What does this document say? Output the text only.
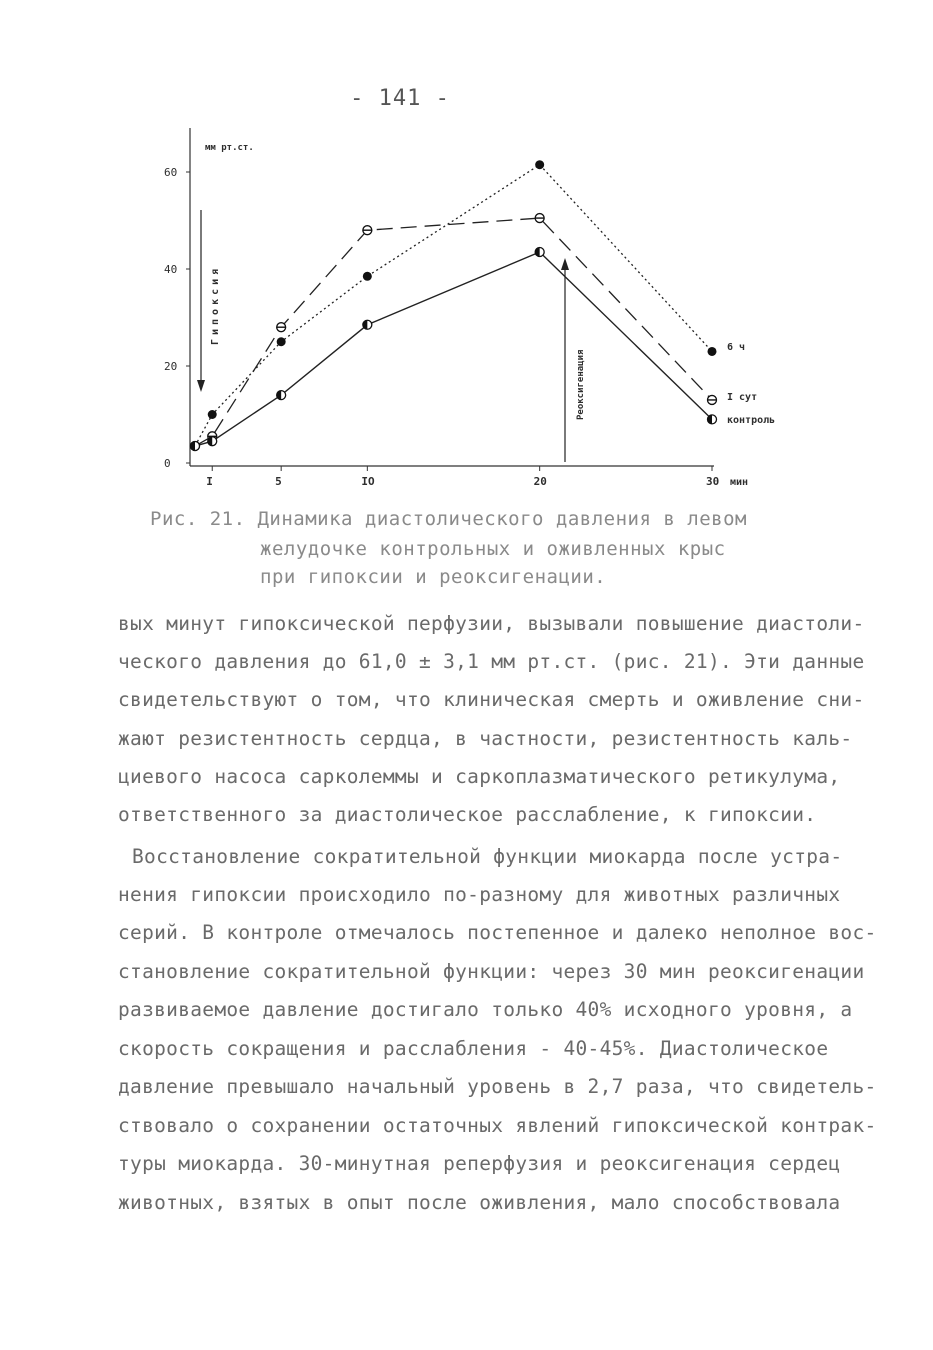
- 141 -
0
20
40
60
I	5	IO	20	30 мин
мм рт.ст.
Гипоксия
Реоксигенация
6 ч
I сут
контроль
Рис. 21. Динамика диастолического давления в левом
желудочке контрольных и оживленных крыс
при гипоксии и реоксигенации.
вых минут гипоксической перфузии, вызывали повышение диастоли-
ческого давления до 61,0 ± 3,1 мм рт.ст. (рис. 21). Эти данные
свидетельствуют о том, что клиническая смерть и оживление сни-
жают резистентность сердца, в частности, резистентность каль-
циевого насоса сарколеммы и саркоплазматического ретикулума,
ответственного за диастолическое расслабление, к гипоксии.
Восстановление сократительной функции миокарда после устра-
нения гипоксии происходило по-разному для животных различных
серий. В контроле отмечалось постепенное и далеко неполное вос-
становление сократительной функции: через 30 мин реоксигенации
развиваемое давление достигало только 40% исходного уровня, а
скорость сокращения и расслабления - 40-45%. Диастолическое
давление превышало начальный уровень в 2,7 раза, что свидетель-
ствовало о сохранении остаточных явлений гипоксической контрак-
туры миокарда. 30-минутная реперфузия и реоксигенация сердец
животных, взятых в опыт после оживления, мало способствовала
